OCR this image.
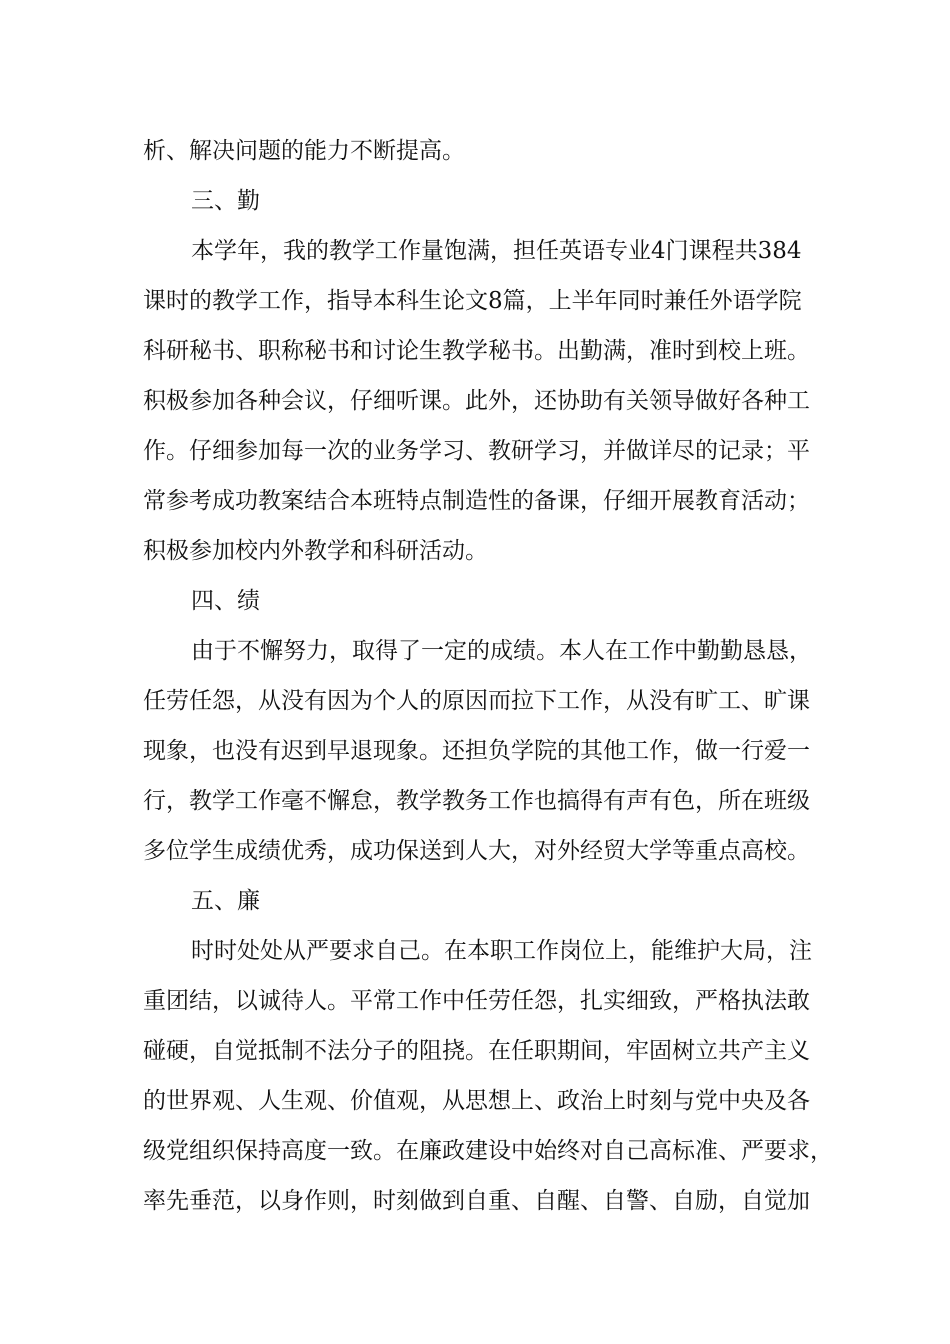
析、解决问题的能力不断提高。
三、勤
本学年，我的教学工作量饱满，担任英语专业4门课程共384
课时的教学工作，指导本科生论文8篇，上半年同时兼任外语学院
科研秘书、职称秘书和讨论生教学秘书。出勤满，准时到校上班。
积极参加各种会议，仔细听课。此外，还协助有关领导做好各种工
作。仔细参加每一次的业务学习、教研学习，并做详尽的记录；平
常参考成功教案结合本班特点制造性的备课，仔细开展教育活动；
积极参加校内外教学和科研活动。
四、绩
由于不懈努力，取得了一定的成绩。本人在工作中勤勤恳恳，
任劳任怨，从没有因为个人的原因而拉下工作，从没有旷工、旷课
现象，也没有迟到早退现象。还担负学院的其他工作，做一行爱一
行，教学工作毫不懈怠，教学教务工作也搞得有声有色，所在班级
多位学生成绩优秀，成功保送到人大，对外经贸大学等重点高校。
五、廉
时时处处从严要求自己。在本职工作岗位上，能维护大局，注
重团结，以诚待人。平常工作中任劳任怨，扎实细致，严格执法敢
碰硬，自觉抵制不法分子的阻挠。在任职期间，牢固树立共产主义
的世界观、人生观、价值观，从思想上、政治上时刻与党中央及各
级党组织保持高度一致。在廉政建设中始终对自己高标准、严要求，
率先垂范，以身作则，时刻做到自重、自醒、自警、自励，自觉加
